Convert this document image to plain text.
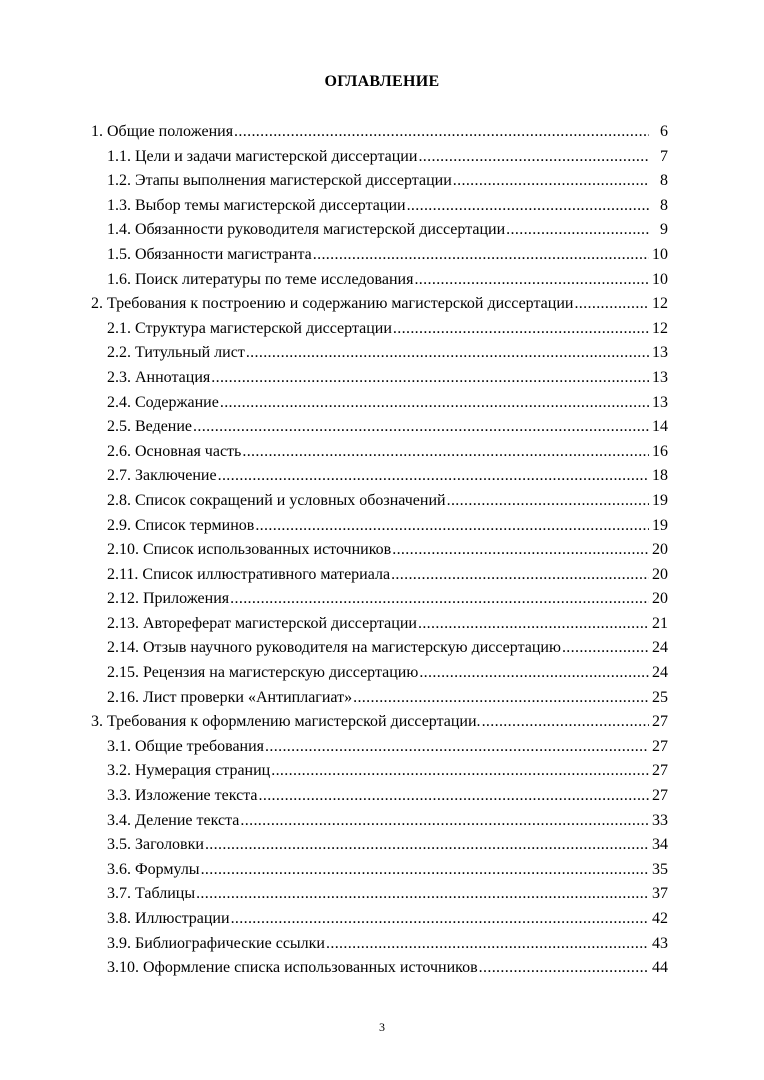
ОГЛАВЛЕНИЕ
1. Общие положения .....	6
1.1. Цели и задачи магистерской диссертации .....	7
1.2. Этапы выполнения магистерской диссертации .....	8
1.3. Выбор темы магистерской диссертации .....	8
1.4. Обязанности руководителя магистерской диссертации .....	9
1.5. Обязанности магистранта .....	10
1.6. Поиск литературы по теме исследования .....	10
2. Требования к построению и содержанию магистерской диссертации .....	12
2.1. Структура магистерской диссертации .....	12
2.2. Титульный лист .....	13
2.3. Аннотация .....	13
2.4. Содержание .....	13
2.5. Ведение .....	14
2.6. Основная часть .....	16
2.7. Заключение .....	18
2.8. Список сокращений и условных обозначений .....	19
2.9. Список терминов .....	19
2.10. Список использованных источников .....	20
2.11. Список иллюстративного материала .....	20
2.12. Приложения .....	20
2.13. Автореферат магистерской диссертации .....	21
2.14. Отзыв научного руководителя на магистерскую диссертацию .....	24
2.15. Рецензия на магистерскую диссертацию .....	24
2.16. Лист проверки «Антиплагиат» .....	25
3. Требования к оформлению магистерской диссертации. .....	27
3.1. Общие требования .....	27
3.2. Нумерация страниц .....	27
3.3. Изложение текста .....	27
3.4. Деление текста .....	33
3.5. Заголовки .....	34
3.6. Формулы .....	35
3.7. Таблицы .....	37
3.8. Иллюстрации .....	42
3.9. Библиографические ссылки .....	43
3.10. Оформление списка использованных источников .....	44
3
